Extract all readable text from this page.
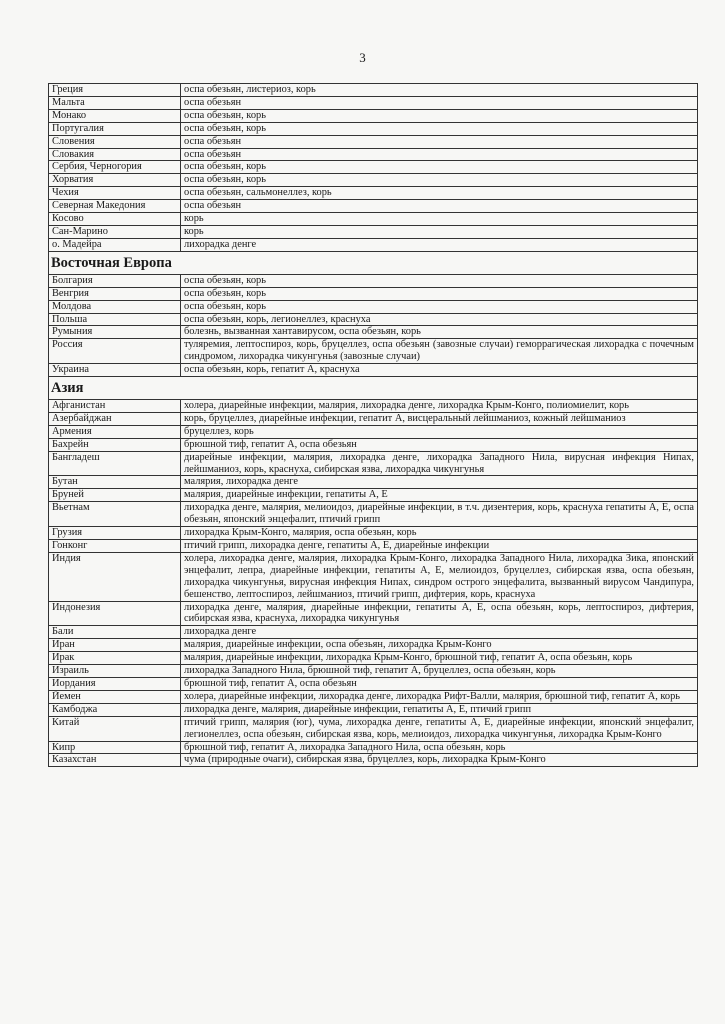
3
Греция	оспа обезьян, листериоз, корь
Мальта	оспа обезьян
Монако	оспа обезьян, корь
Португалия	оспа обезьян, корь
Словения	оспа обезьян
Словакия	оспа обезьян
Сербия, Черногория	оспа обезьян, корь
Хорватия	оспа обезьян, корь
Чехия	оспа обезьян, сальмонеллез, корь
Северная Македония	оспа обезьян
Косово	корь
Сан-Марино	корь
о. Мадейра	лихорадка денге
Восточная Европа	
Болгария	оспа обезьян, корь
Венгрия	оспа обезьян, корь
Молдова	оспа обезьян, корь
Польша	оспа обезьян, корь, легионеллез, краснуха
Румыния	болезнь, вызванная хантавирусом, оспа обезьян, корь
Россия	туляремия, лептоспироз, корь, бруцеллез, оспа обезьян (завозные случаи) геморрагическая лихорадка с почечным синдромом, лихорадка чикунгунья (завозные случаи)
Украина	оспа обезьян, корь, гепатит А, краснуха
Азия	
Афганистан	холера, диарейные инфекции, малярия, лихорадка денге, лихорадка Крым-Конго, полиомиелит, корь
Азербайджан	корь, бруцеллез, диарейные инфекции, гепатит А, висцеральный лейшманиоз, кожный лейшманиоз
Армения	бруцеллез, корь
Бахрейн	брюшной тиф, гепатит А, оспа обезьян
Бангладеш	диарейные инфекции, малярия, лихорадка денге, лихорадка Западного Нила, вирусная инфекция Нипах, лейшманиоз, корь, краснуха, сибирская язва, лихорадка чикунгунья
Бутан	малярия, лихорадка денге
Бруней	малярия, диарейные инфекции, гепатиты А, Е
Вьетнам	лихорадка денге, малярия, мелиоидоз, диарейные инфекции, в т.ч. дизентерия, корь, краснуха гепатиты А, Е, оспа обезьян, японский энцефалит, птичий грипп
Грузия	лихорадка Крым-Конго, малярия, оспа обезьян, корь
Гонконг	птичий грипп, лихорадка денге, гепатиты А, Е, диарейные инфекции
Индия	холера, лихорадка денге, малярия, лихорадка Крым-Конго, лихорадка Западного Нила, лихорадка Зика, японский энцефалит, лепра, диарейные инфекции, гепатиты А, Е, мелиоидоз, бруцеллез, сибирская язва, оспа обезьян, лихорадка чикунгунья, вирусная инфекция Нипах, синдром острого энцефалита, вызванный вирусом Чандипура, бешенство, лептоспироз, лейшманиоз, птичий грипп, дифтерия, корь, краснуха
Индонезия	лихорадка денге, малярия, диарейные инфекции, гепатиты А, Е, оспа обезьян, корь, лептоспироз, дифтерия, сибирская язва, краснуха, лихорадка чикунгунья
Бали	лихорадка денге
Иран	малярия, диарейные инфекции, оспа обезьян, лихорадка Крым-Конго
Ирак	малярия, диарейные инфекции, лихорадка Крым-Конго, брюшной тиф, гепатит А, оспа обезьян, корь
Израиль	лихорадка Западного Нила, брюшной тиф, гепатит А, бруцеллез, оспа обезьян, корь
Иордания	брюшной тиф, гепатит А, оспа обезьян
Йемен	холера, диарейные инфекции, лихорадка денге, лихорадка Рифт-Валли, малярия, брюшной тиф, гепатит А, корь
Камбоджа	лихорадка денге, малярия, диарейные инфекции, гепатиты А, Е, птичий грипп
Китай	птичий грипп, малярия (юг), чума, лихорадка денге, гепатиты А, Е, диарейные инфекции, японский энцефалит, легионеллез, оспа обезьян, сибирская язва, корь, мелиоидоз, лихорадка чикунгунья, лихорадка Крым-Конго
Кипр	брюшной тиф, гепатит А, лихорадка Западного Нила, оспа обезьян, корь
Казахстан	чума (природные очаги), сибирская язва, бруцеллез, корь, лихорадка Крым-Конго
